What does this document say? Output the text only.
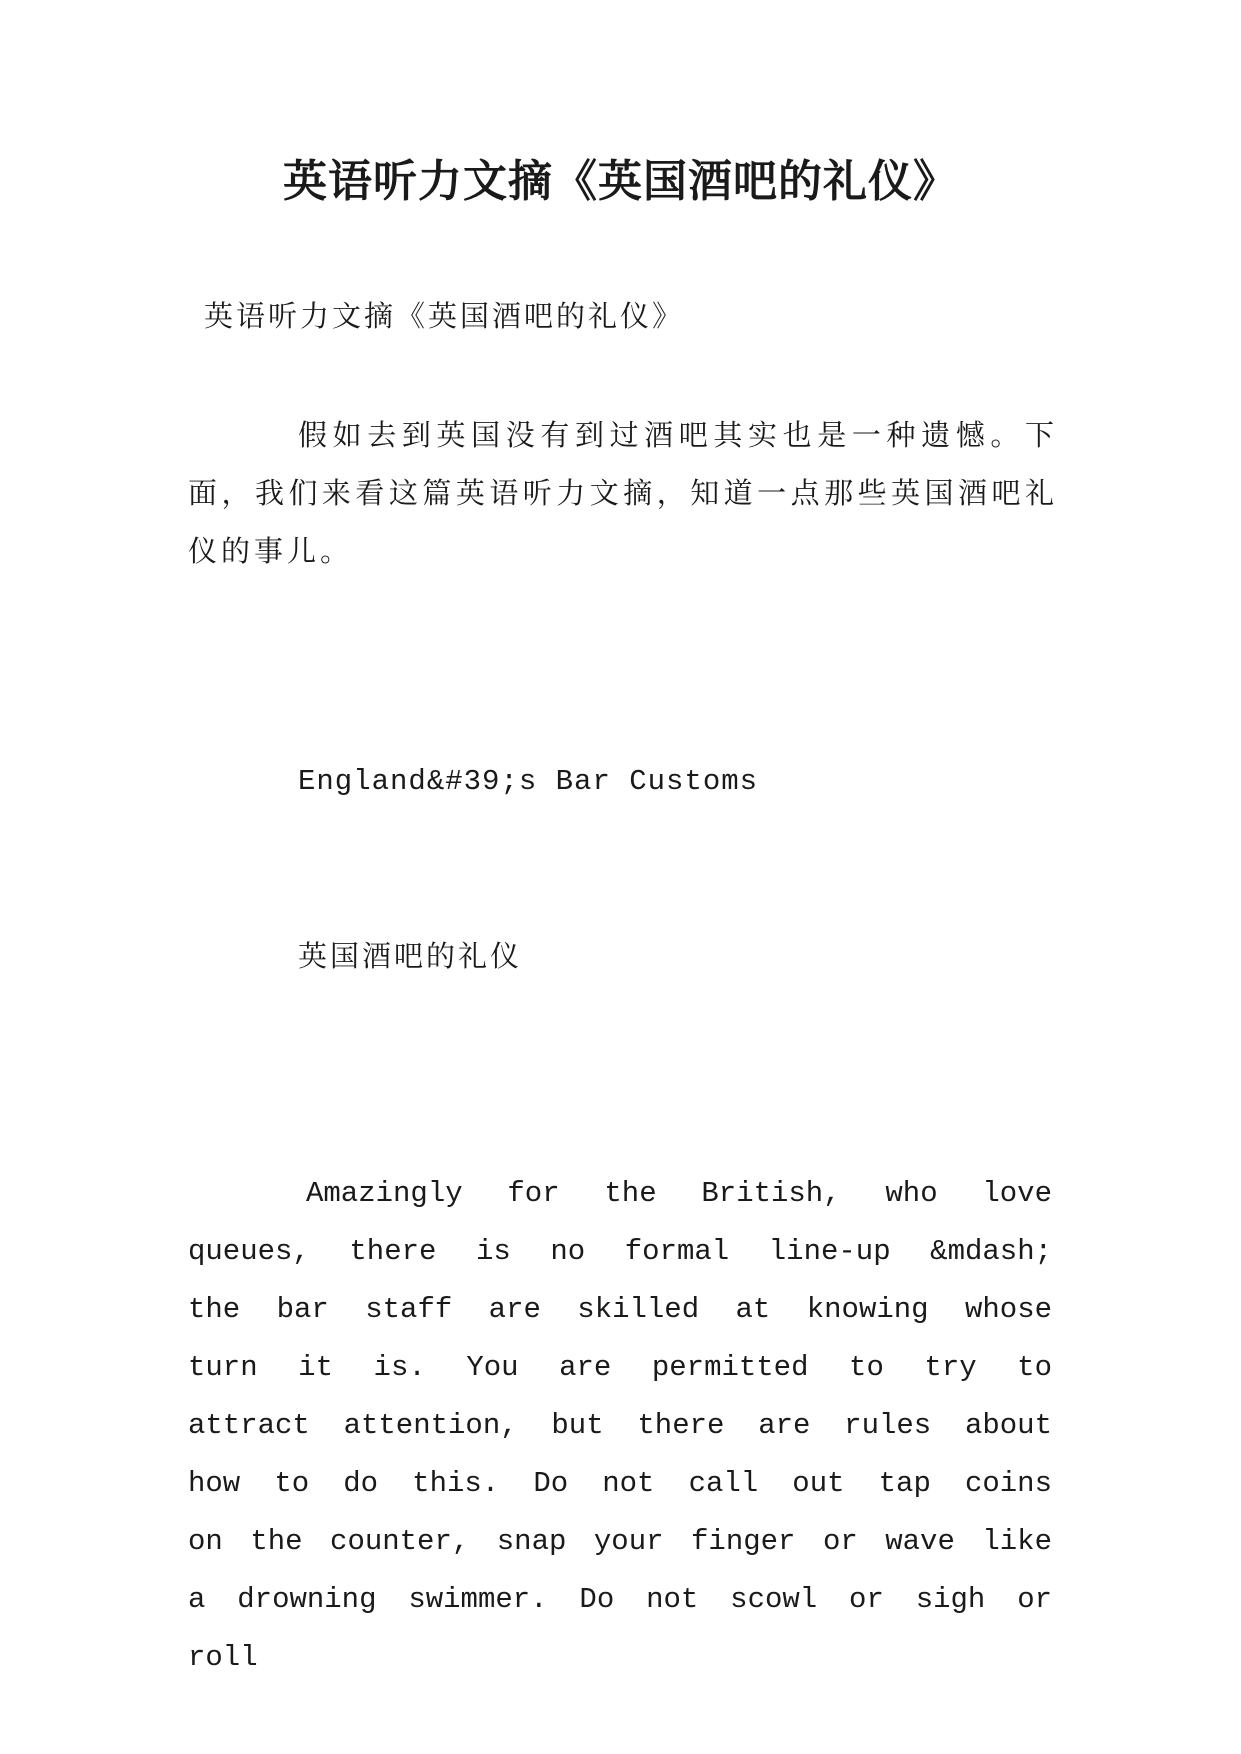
英语听力文摘《英国酒吧的礼仪》
英语听力文摘《英国酒吧的礼仪》

假如去到英国没有到过酒吧其实也是一种遗憾。下面，我们来看这篇英语听力文摘，知道一点那些英国酒吧礼仪的事儿。

England&#39;s Bar Customs
英国酒吧的礼仪

Amazingly for the British, who love queues, there is no formal line-up &mdash; the bar staff are skilled at knowing whose turn it is. You are permitted to try to attract attention, but there are rules about how to do this. Do not call out tap coins on the counter, snap your finger or wave like a drowning swimmer. Do not scowl or sigh or roll
